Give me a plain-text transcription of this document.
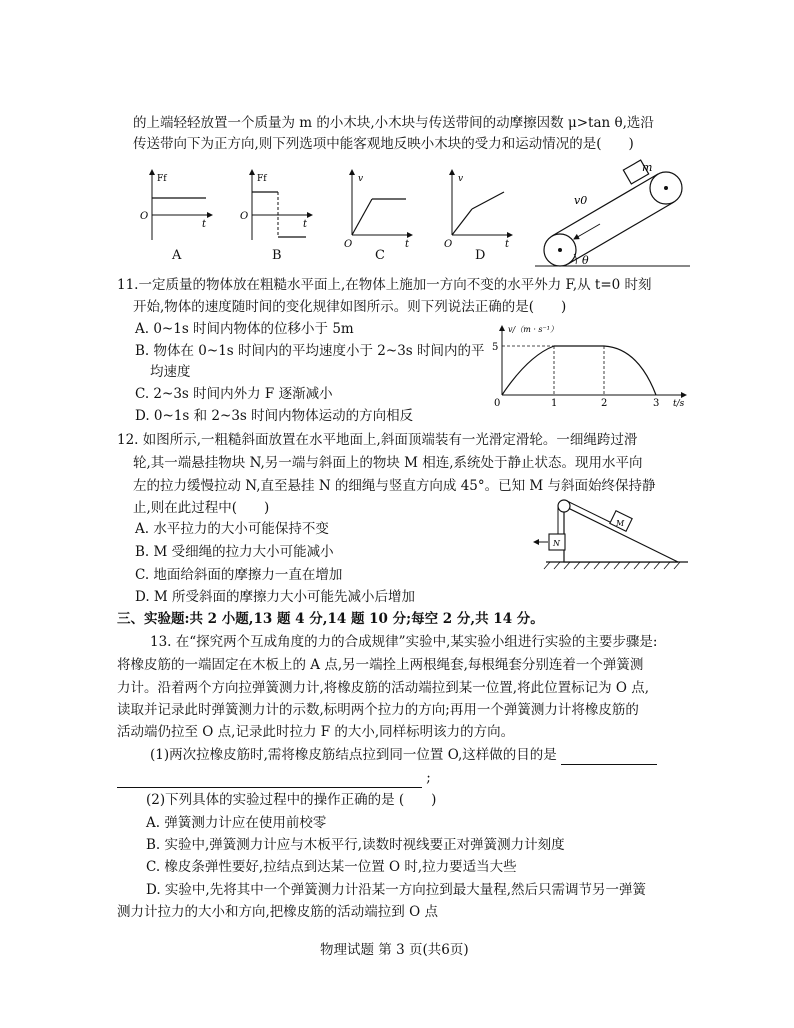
的上端轻轻放置一个质量为 m 的小木块,小木块与传送带间的动摩擦因数 μ>tan θ,选沿
传送带向下为正方向,则下列选项中能客观地反映小木块的受力和运动情况的是(　　)
Ff
O
t
Ff
O
t
v
O	t
v
O	t
A	B	C	D
m
v0
θ
11.一定质量的物体放在粗糙水平面上,在物体上施加一方向不变的水平外力 F,从 t=0 时刻
开始,物体的速度随时间的变化规律如图所示。则下列说法正确的是(　　)
A. 0~1s 时间内物体的位移小于 5m
B. 物体在 0~1s 时间内的平均速度小于 2~3s 时间内的平
均速度
C. 2~3s 时间内外力 F 逐渐减小
D. 0~1s 和 2~3s 时间内物体运动的方向相反
v/（m · s⁻¹）
5
0	1	2	3 t/s
12. 如图所示,一粗糙斜面放置在水平地面上,斜面顶端装有一光滑定滑轮。一细绳跨过滑
轮,其一端悬挂物块 N,另一端与斜面上的物块 M 相连,系统处于静止状态。现用水平向
左的拉力缓慢拉动 N,直至悬挂 N 的细绳与竖直方向成 45°。已知 M 与斜面始终保持静
止,则在此过程中(　　)
A. 水平拉力的大小可能保持不变
B. M 受细绳的拉力大小可能减小
C. 地面给斜面的摩擦力一直在增加
D. M 所受斜面的摩擦力大小可能先减小后增加
N
M
三、实验题:共 2 小题,13 题 4 分,14 题 10 分;每空 2 分,共 14 分。
13. 在“探究两个互成角度的力的合成规律”实验中,某实验小组进行实验的主要步骤是:
将橡皮筋的一端固定在木板上的 A 点,另一端拴上两根绳套,每根绳套分别连着一个弹簧测
力计。沿着两个方向拉弹簧测力计,将橡皮筋的活动端拉到某一位置,将此位置标记为 O 点,
读取并记录此时弹簧测力计的示数,标明两个拉力的方向;再用一个弹簧测力计将橡皮筋的
活动端仍拉至 O 点,记录此时拉力 F 的大小,同样标明该力的方向。
(1)两次拉橡皮筋时,需将橡皮筋结点拉到同一位置 O,这样做的目的是
;
(2)下列具体的实验过程中的操作正确的是 (　　)
A. 弹簧测力计应在使用前校零
B. 实验中,弹簧测力计应与木板平行,读数时视线要正对弹簧测力计刻度
C. 橡皮条弹性要好,拉结点到达某一位置 O 时,拉力要适当大些
D. 实验中,先将其中一个弹簧测力计沿某一方向拉到最大量程,然后只需调节另一弹簧
测力计拉力的大小和方向,把橡皮筋的活动端拉到 O 点
物理试题 第 3 页(共6页)
